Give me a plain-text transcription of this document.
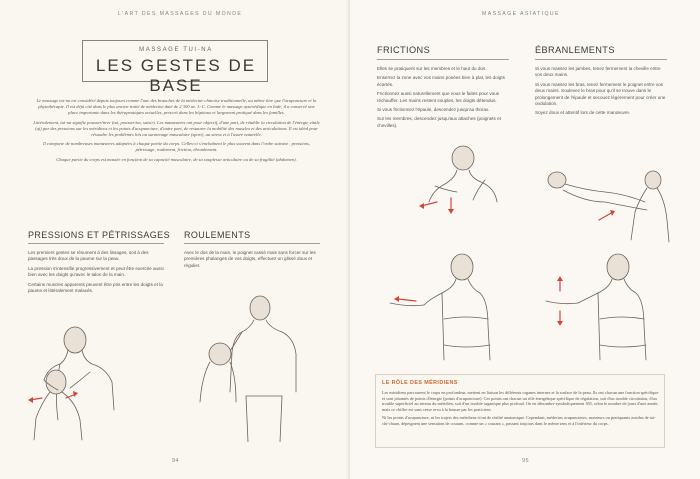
L'ART DES MASSAGES DU MONDE
MASSAGE TUI-NA
LES GESTES DE BASE

Le massage tui-na est considéré depuis toujours comme l'une des branches de la médecine chinoise traditionnelle, au même titre que l'acuponcture et la phytothérapie. Il est déjà cité dans le plus ancien traité de médecine daté de 2 300 av. J.-C. Comme le massage ayurvédique en Inde, il a conservé une place importante dans les thérapeutiques actuelles, prescrit dans les hôpitaux et largement pratiqué dans les familles.

Littéralement, tui-na signifie pousser/tirer (tui, pousser/na, saisir). Les manœuvres ont pour objectif, d'une part, de rétablir la circulation de l'énergie vitale (qi) par des pressions sur les méridiens et les points d'acupuncture, d'autre part, de restaurer la mobilité des muscles et des articulations. Il est idéal pour résoudre les problèmes liés au surmenage musculaire (sport), au stress et à l'usure naturelle.

Il comporte de nombreuses manœuvres adaptées à chaque partie du corps. Celles-ci s'enchaînent le plus souvent dans l'ordre suivant : pressions, pétrissage, roulement, friction, ébranlement.

Chaque partie du corps est massée en fonction de sa capacité musculaire, de sa souplesse articulaire ou de sa fragilité (abdomen).

PRESSIONS ET PÉTRISSAGES

Les premiers gestes se résument à des lissages, soit à des passages très doux de la paume sur la peau.

La pression s'intensifie progressivement et peut être exercée aussi bien avec les doigts qu'avec le talon de la main.

Certains muscles apparents peuvent être pris entre les doigts et la paume et littéralement malaxés.

ROULEMENTS

Avec le dos de la main, le poignet cassé mais sans forcer sur les premières phalanges de vos doigts, effectuez un glissé doux et régulier.

94
MASSAGE ASIATIQUE
FRICTIONS

Elles se pratiquent sur les membres et le haut du dos.

Enserrez la zone avec vos mains posées bien à plat, les doigts écartés.

Frictionnez aussi naturellement que vous le faites pour vous réchauffer. Les mains restent souples, les doigts détendus.

Si vous frictionnez l'épaule, descendez jusqu'au thorax.

Sur les membres, descendez jusqu'aux attaches (poignets et chevilles).

ÉBRANLEMENTS

Si vous massez les jambes, tenez fermement la cheville entre vos deux mains.

Si vous massez les bras, tenez fermement le poignet entre vos deux mains. Soulevez le bras pour qu'il se trouve dans le prolongement de l'épaule et secouez légèrement pour créer une ondulation.

Soyez doux et attentif lors de cette manœuvre.

95
LE RÔLE DES MÉRIDIENS

Les méridiens parcourent le corps en profondeur, mettent en liaison les différents organes internes et la surface de la peau. Ils ont chacun une fonction spécifique et sont jalonnés de points d'énergie (points d'acuponcture). Ces points ont chacun un rôle énergétique spécifique de régulation, soit d'un trouble circulation, d'un trouble superficiel au niveau du méridien, soit d'un trouble organique plus profond. On en dénombre symboliquement 365, selon le nombre de jours d'une année, mais ce chiffre est sans cesse revu à la hausse par les praticiens.

Ni les points d'acupuncture, ni les trajets des méridiens n'ont de réalité anatomique. Cependant, médecins acupuncteurs, masseurs ou pratiquants assidus de tai-chi-chuan, dépeignent une sensation de courant, comme un « courant », passant toujours dans le même sens et à l'intérieur du corps.
